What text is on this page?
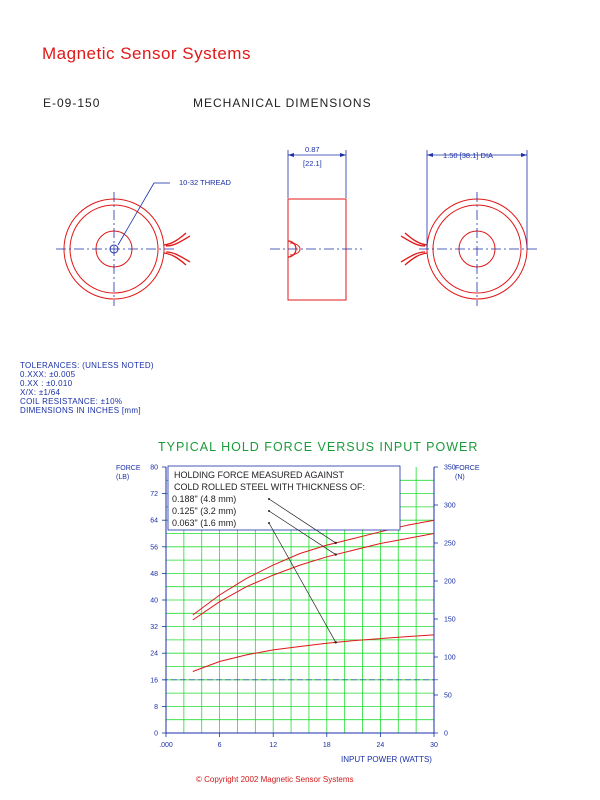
Magnetic Sensor Systems
E-09-150	MECHANICAL DIMENSIONS
10-32 THREAD
0.87
[22.1]
1.50 [38.1] DIA
TOLERANCES: (UNLESS NOTED)
0.XXX: ±0.005
0.XX : ±0.010
X/X: ±1/64
COIL RESISTANCE: ±10%
DIMENSIONS IN INCHES [mm]
TYPICAL HOLD FORCE VERSUS INPUT POWER
.000	6	12	18	24	30
0
8
16
24
32
40
48
56
64
72
80
0
50
100
150
200
250
300
350
FORCE
(LB)
FORCE
(N)
INPUT POWER (WATTS)
HOLDING FORCE MEASURED AGAINST
COLD ROLLED STEEL WITH THICKNESS OF:
0.188" (4.8 mm)
0.125" (3.2 mm)
0.063" (1.6 mm)
© Copyright 2002 Magnetic Sensor Systems
